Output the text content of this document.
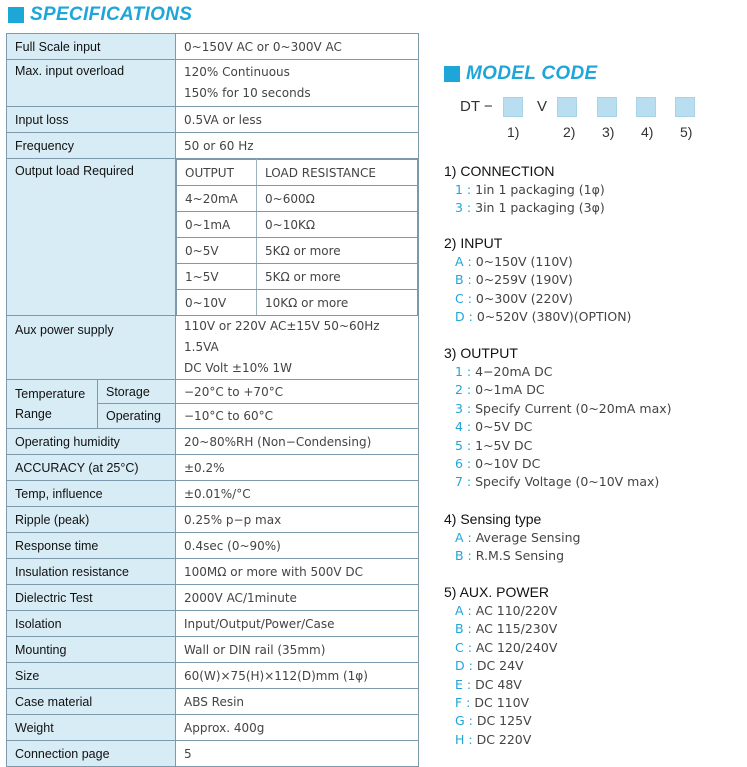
SPECIFICATIONS
Full Scale input	0~150V AC or 0~300V AC
Max. input overload	120% Continuous
150% for 10 seconds

Input loss	0.5VA or less
Frequency	50 or 60 Hz
Output load Required		OUTPUT	LOAD RESISTANCE
4~20mA	0~600Ω
0~1mA	0~10KΩ
0~5V	5KΩ or more
1~5V	5KΩ or more
0~10V	10KΩ or more

Aux power supply	110V or 220V AC±15V 50~60Hz 1.5VA
DC Volt ±10% 1W

Temperature
Range
	Storage	−20°C to +70°C
Operating	−10°C to 60°C
Operating humidity	20~80%RH (Non−Condensing)
ACCURACY (at 25°C)	±0.2%
Temp, influence	±0.01%/°C
Ripple (peak)	0.25% p−p max
Response time	0.4sec (0~90%)
Insulation resistance	100MΩ or more with 500V DC
Dielectric Test	2000V AC/1minute
Isolation	Input/Output/Power/Case
Mounting	Wall or DIN rail (35mm)
Size	60(W)×75(H)×112(D)mm (1φ)
Case material	ABS Resin
Weight	Approx. 400g
Connection page	5
MODEL CODE
DT −	V
1)	2) 3) 4) 5)
1) CONNECTION
1 : 1in 1 packaging (1φ)
3 : 3in 1 packaging (3φ)
2) INPUT
A : 0~150V (110V)
B : 0~259V (190V)
C : 0~300V (220V)
D : 0~520V (380V)(OPTION)
3) OUTPUT
1 : 4−20mA DC
2 : 0~1mA DC
3 : Specify Current (0~20mA max)
4 : 0~5V DC
5 : 1~5V DC
6 : 0~10V DC
7 : Specify Voltage (0~10V max)
4) Sensing type
A : Average Sensing
B : R.M.S Sensing
5) AUX. POWER
A : AC 110/220V
B : AC 115/230V
C : AC 120/240V
D : DC 24V
E : DC 48V
F : DC 110V
G : DC 125V
H : DC 220V
